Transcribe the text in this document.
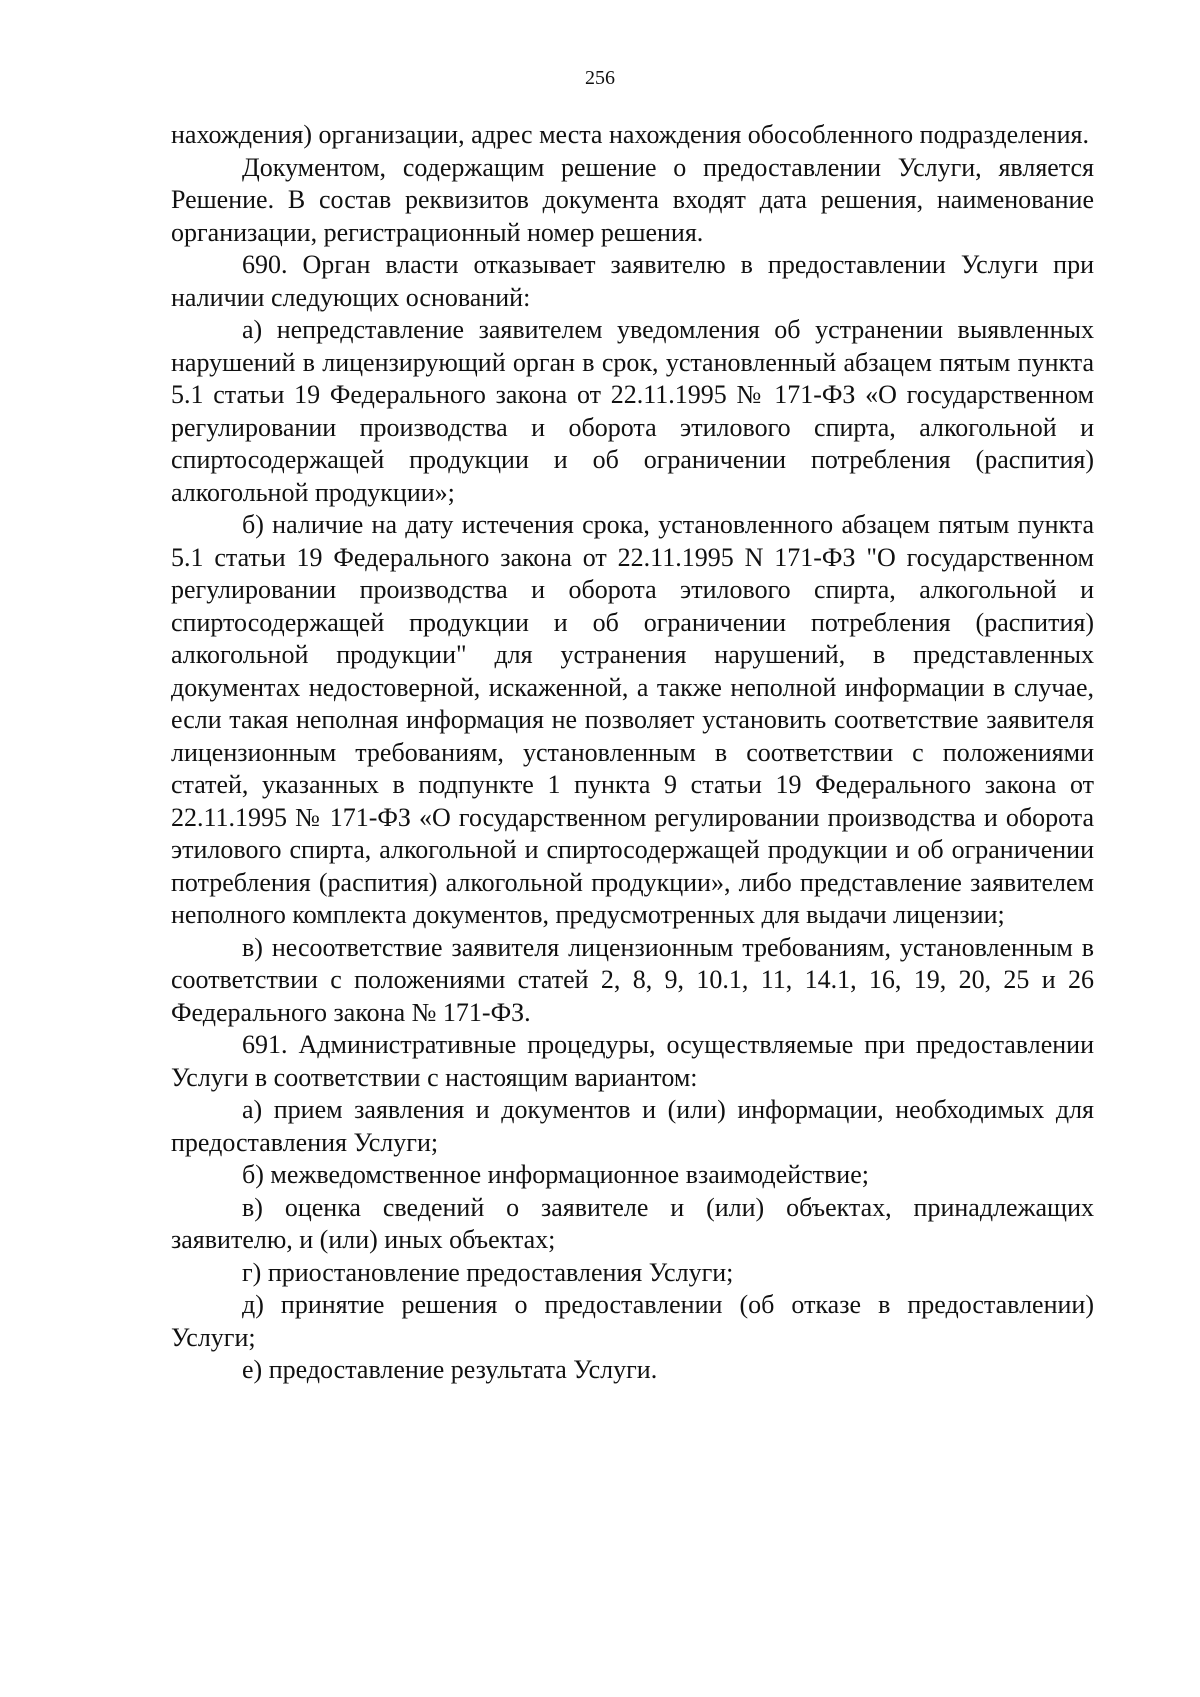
256

нахождения) организации, адрес места нахождения обособленного подразделения.

Документом, содержащим решение о предоставлении Услуги, является Решение. В состав реквизитов документа входят дата решения, наименование организации, регистрационный номер решения.

690. Орган власти отказывает заявителю в предоставлении Услуги при наличии следующих оснований:

а) непредставление заявителем уведомления об устранении выявленных нарушений в лицензирующий орган в срок, установленный абзацем пятым пункта 5.1 статьи 19 Федерального закона от 22.11.1995 № 171-ФЗ «О государственном регулировании производства и оборота этилового спирта, алкогольной и спиртосодержащей продукции и об ограничении потребления (распития) алкогольной продукции»;

б) наличие на дату истечения срока, установленного абзацем пятым пункта 5.1 статьи 19 Федерального закона от 22.11.1995 N 171-ФЗ "О государственном регулировании производства и оборота этилового спирта, алкогольной и спиртосодержащей продукции и об ограничении потребления (распития) алкогольной продукции" для устранения нарушений, в представленных документах недостоверной, искаженной, а также неполной информации в случае, если такая неполная информация не позволяет установить соответствие заявителя лицензионным требованиям, установленным в соответствии с положениями статей, указанных в подпункте 1 пункта 9 статьи 19 Федерального закона от 22.11.1995 № 171-ФЗ «О государственном регулировании производства и оборота этилового спирта, алкогольной и спиртосодержащей продукции и об ограничении потребления (распития) алкогольной продукции», либо представление заявителем неполного комплекта документов, предусмотренных для выдачи лицензии;

в) несоответствие заявителя лицензионным требованиям, установленным в соответствии с положениями статей 2, 8, 9, 10.1, 11, 14.1, 16, 19, 20, 25 и 26 Федерального закона № 171-ФЗ.

691. Административные процедуры, осуществляемые при предоставлении Услуги в соответствии с настоящим вариантом:

а) прием заявления и документов и (или) информации, необходимых для предоставления Услуги;

б) межведомственное информационное взаимодействие;

в) оценка сведений о заявителе и (или) объектах, принадлежащих заявителю, и (или) иных объектах;

г) приостановление предоставления Услуги;

д) принятие решения о предоставлении (об отказе в предоставлении) Услуги;

е) предоставление результата Услуги.
